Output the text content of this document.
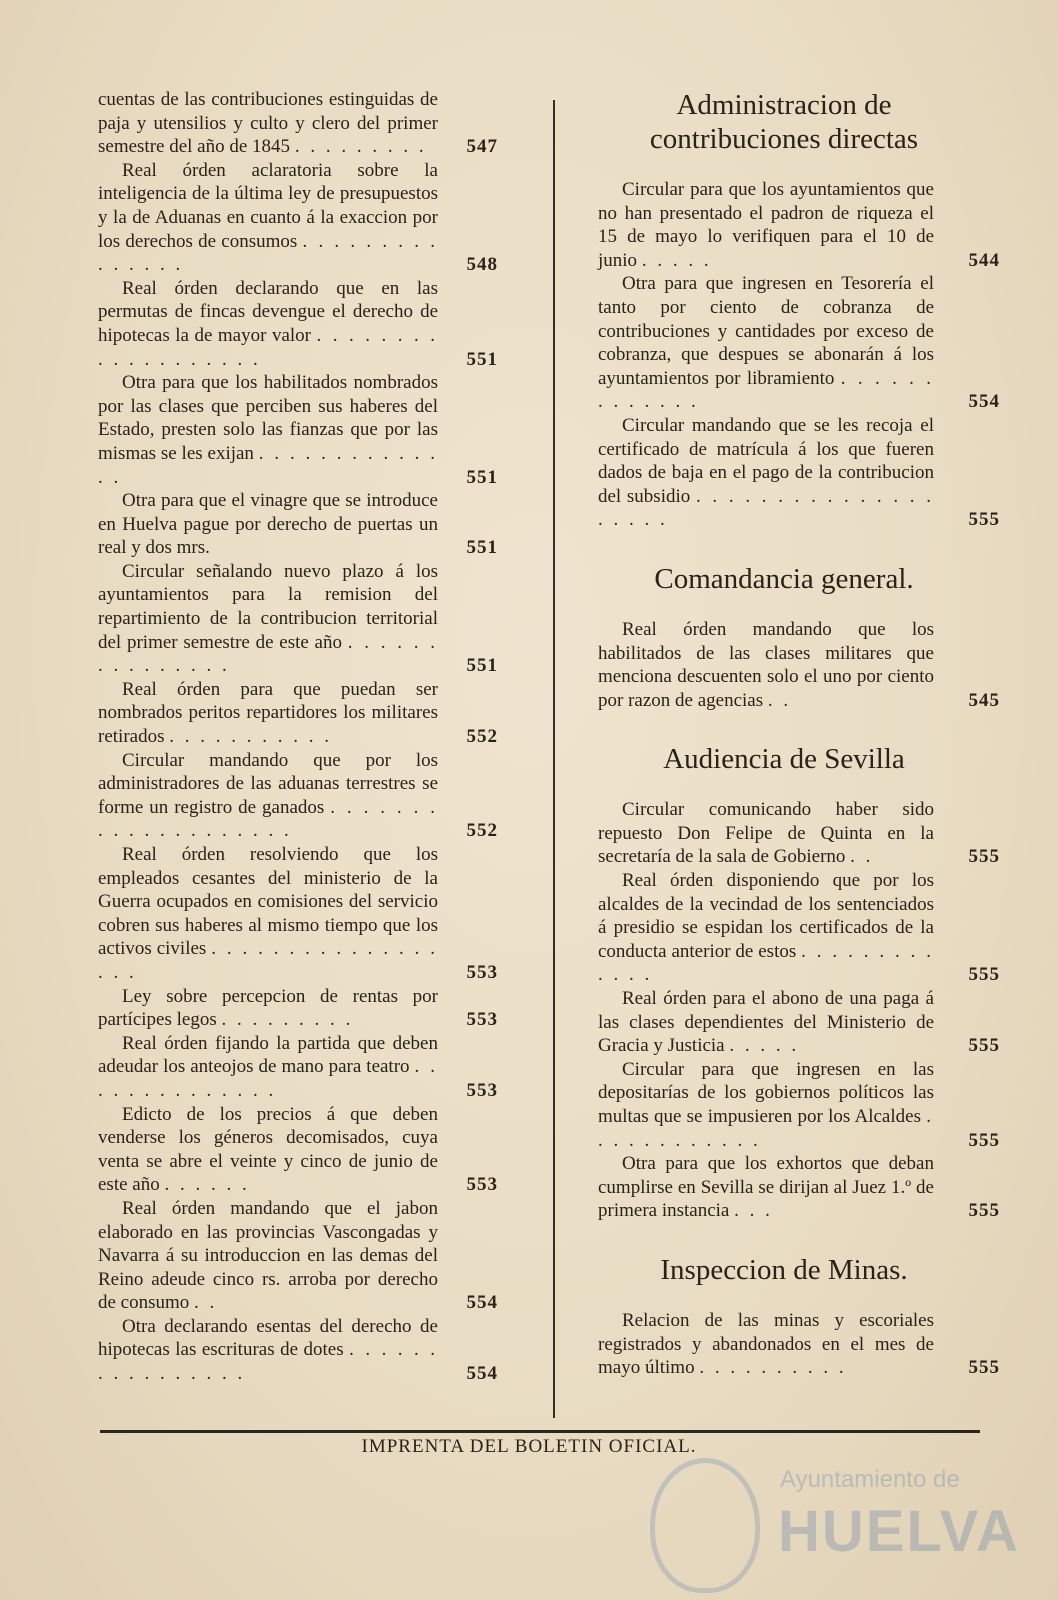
cuentas de las contribuciones estinguidas de paja y utensilios y culto y clero del primer semestre del año de 1845 . . . . . . . . .	547

Real órden aclaratoria sobre la inteligencia de la última ley de presupuestos y la de Aduanas en cuanto á la exaccion por los derechos de consumos . . . . . . . . . . . . . . .	548

Real órden declarando que en las permutas de fincas devengue el derecho de hipotecas la de mayor valor . . . . . . . . . . . . . . . . . . .	551

Otra para que los habilitados nombrados por las clases que perciben sus haberes del Estado, presten solo las fianzas que por las mismas se les exijan . . . . . . . . . . . . . .	551

Otra para que el vinagre que se introduce en Huelva pague por derecho de puertas un real y dos mrs.	551

Circular señalando nuevo plazo á los ayuntamientos para la remision del repartimiento de la contribucion territorial del primer semestre de este año . . . . . . . . . . . . . . .	551

Real órden para que puedan ser nombrados peritos repartidores los militares retirados . . . . . . . . . . .	552

Circular mandando que por los administradores de las aduanas terrestres se forme un registro de ganados . . . . . . . . . . . . . . . . . . . .	552

Real órden resolviendo que los empleados cesantes del ministerio de la Guerra ocupados en comisiones del servicio cobren sus haberes al mismo tiempo que los activos civiles . . . . . . . . . . . . . . . . . .	553

Ley sobre percepcion de rentas por partícipes legos . . . . . . . . .	553

Real órden fijando la partida que deben adeudar los anteojos de mano para teatro . . . . . . . . . . . . . .	553

Edicto de los precios á que deben venderse los géneros decomisados, cuya venta se abre el veinte y cinco de junio de este año . . . . . .	553

Real órden mandando que el jabon elaborado en las provincias Vascongadas y Navarra á su introduccion en las demas del Reino adeude cinco rs. arroba por derecho de consumo . .	554

Otra declarando esentas del derecho de hipotecas las escrituras de dotes . . . . . . . . . . . . . . . .	554

Administracion de contribuciones directas

Circular para que los ayuntamientos que no han presentado el padron de riqueza el 15 de mayo lo verifiquen para el 10 de junio . . . . .	544

Otra para que ingresen en Tesorería el tanto por ciento de cobranza de contribuciones y cantidades por exceso de cobranza, que despues se abonarán á los ayuntamientos por libramiento . . . . . . . . . . . . .	554

Circular mandando que se les recoja el certificado de matrícula á los que fueren dados de baja en el pago de la contribucion del subsidio . . . . . . . . . . . . . . . . . . . .	555

Comandancia general.

Real órden mandando que los habilitados de las clases militares que menciona descuenten solo el uno por ciento por razon de agencias . .	545

Audiencia de Sevilla

Circular comunicando haber sido repuesto Don Felipe de Quinta en la secretaría de la sala de Gobierno . .	555

Real órden disponiendo que por los alcaldes de la vecindad de los sentenciados á presidio se espidan los certificados de la conducta anterior de estos . . . . . . . . . . . . .	555

Real órden para el abono de una paga á las clases dependientes del Ministerio de Gracia y Justicia . . . . .	555

Circular para que ingresen en las depositarías de los gobiernos políticos las multas que se impusieren por los Alcaldes . . . . . . . . . . . .	555

Otra para que los exhortos que deban cumplirse en Sevilla se dirijan al Juez 1.º de primera instancia . . .	555

Inspeccion de Minas.

Relacion de las minas y escoriales registrados y abandonados en el mes de mayo último . . . . . . . . . .	555

IMPRENTA DEL BOLETIN OFICIAL.
Ayuntamiento de
HUELVA
